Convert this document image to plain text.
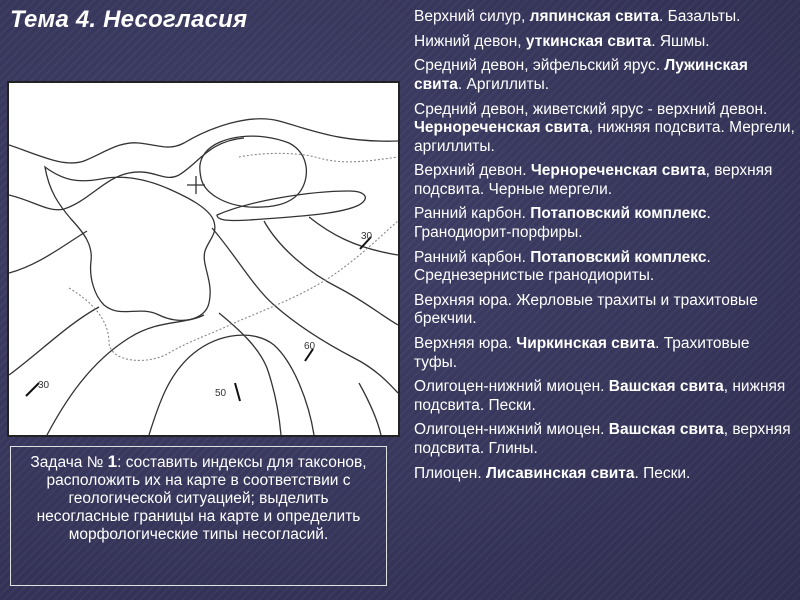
Тема 4. Несогласия
30
60
50
30
Задача № 1: составить индексы для таксонов, расположить их на карте в соответствии с геологической ситуацией; выделить несогласные границы на карте и определить морфологические типы несогласий.
Верхний силур, ляпинская свита. Базальты.
Нижний девон, уткинская свита. Яшмы.
Средний девон, эйфельский ярус. Лужинская свита. Аргиллиты.
Средний девон, живетский ярус - верхний девон. Черноречeнская свита, нижняя подсвита. Мергели, аргиллиты.
Верхний девон. Черноречeнская свита, верхняя подсвита. Черные мергели.
Ранний карбон. Потаповский комплекс. Гранодиорит-порфиры.
Ранний карбон. Потаповский комплекс. Среднезернистые гранодиориты.
Верхняя юра. Жерловые трахиты и трахитовые брекчии.
Верхняя юра. Чиркинская свита. Трахитовые туфы.
Олигоцен-нижний миоцен. Вашская свита, нижняя подсвита. Пески.
Олигоцен-нижний миоцен. Вашская свита, верхняя подсвита. Глины.
Плиоцен. Лисавинская свита. Пески.
